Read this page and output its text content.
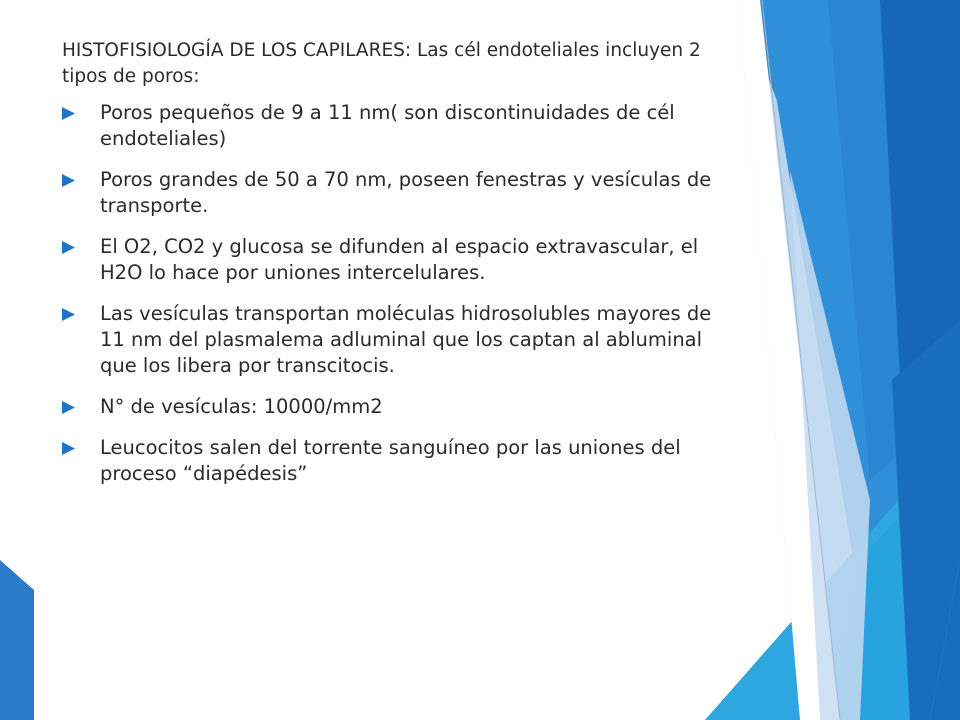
HISTOFISIOLOGÍA DE LOS CAPILARES: Las cél endoteliales incluyen 2 tipos de poros:

Poros pequeños de 9 a 11 nm( son discontinuidades de cél endoteliales)
Poros grandes de 50 a 70 nm, poseen fenestras y vesículas de transporte.
El O2, CO2 y glucosa se difunden al espacio extravascular, el H2O lo hace por uniones intercelulares.
Las vesículas transportan moléculas hidrosolubles mayores de 11 nm del plasmalema adluminal que los captan al abluminal que los libera por transcitocis.
N° de vesículas: 10000/mm2
Leucocitos salen del torrente sanguíneo por las uniones del proceso “diapédesis”
